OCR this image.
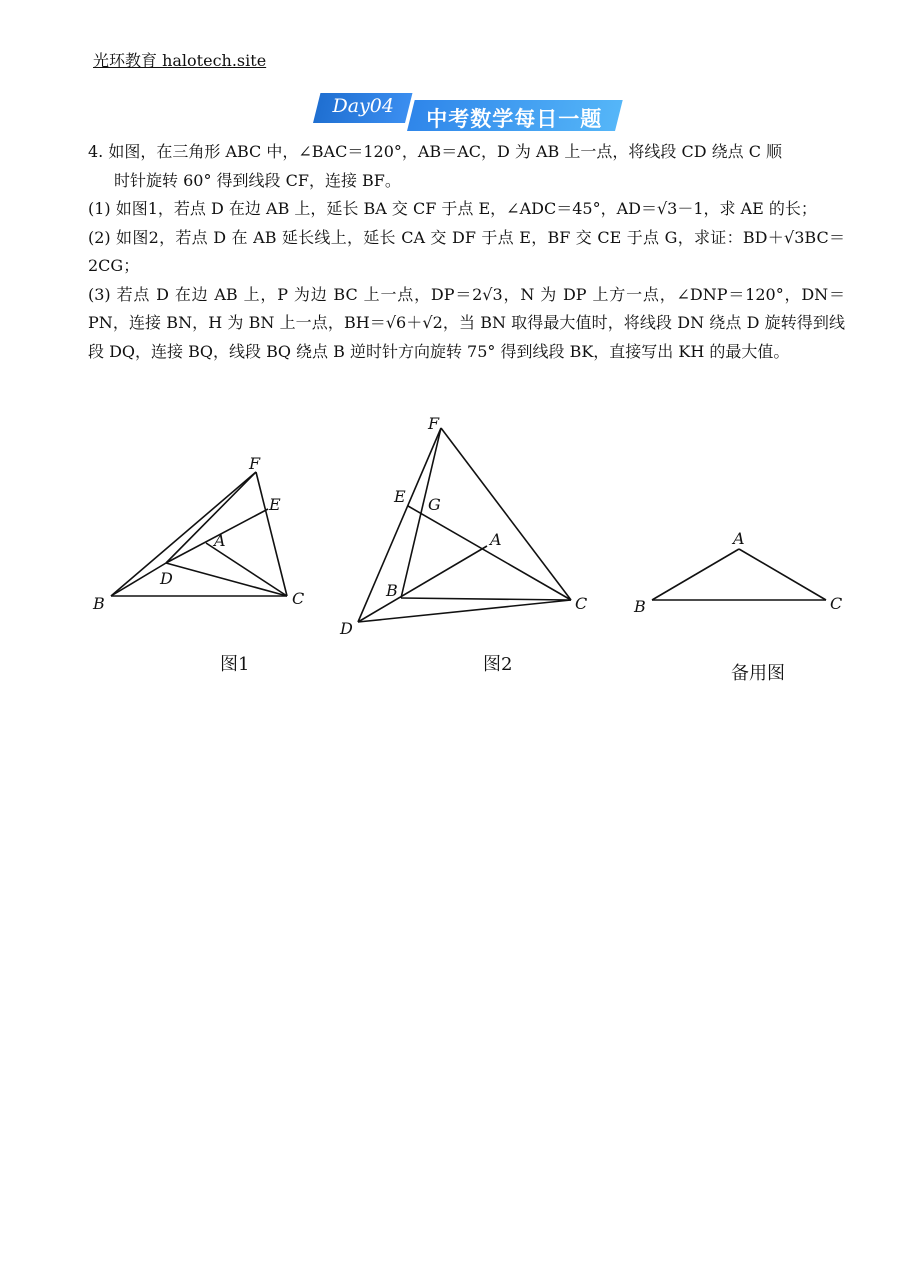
光环教育 halotech.site
Day04
中考数学每日一题

4. 如图，在三角形 ABC 中，∠BAC＝120°，AB＝AC，D 为 AB 上一点，将线段 CD 绕点 C 顺

时针旋转 60° 得到线段 CF，连接 BF。

(1) 如图1，若点 D 在边 AB 上，延长 BA 交 CF 于点 E，∠ADC＝45°，AD＝√3－1，求 AE 的长；

(2) 如图2，若点 D 在 AB 延长线上，延长 CA 交 DF 于点 E，BF 交 CE 于点 G，求证：BD＋√3BC＝2CG；

(3) 若点 D 在边 AB 上，P 为边 BC 上一点，DP＝2√3，N 为 DP 上方一点，∠DNP＝120°，DN＝PN，连接 BN，H 为 BN 上一点，BH＝√6＋√2，当 BN 取得最大值时，将线段 DN 绕点 D 旋转得到线段 DQ，连接 BQ，线段 BQ 绕点 B 逆时针方向旋转 75° 得到线段 BK，直接写出 KH 的最大值。

B	C
A
D
E
F
F
E G
A
B
C
D
A
B	C
图1	图2	备用图
